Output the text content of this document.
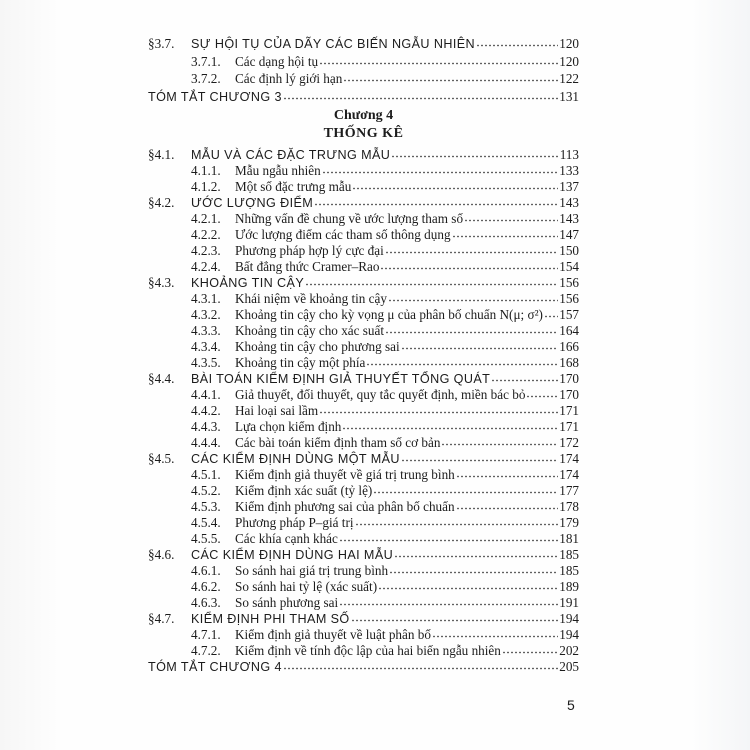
§3.7.	SỰ HỘI TỤ CỦA DÃY CÁC BIẾN NGẪU NHIÊN	120
3.7.1.	Các dạng hội tụ	120
3.7.2.	Các định lý giới hạn	122
TÓM TẮT CHƯƠNG 3	131
Chương 4
THỐNG KÊ
§4.1.	MẪU VÀ CÁC ĐẶC TRƯNG MẪU	113
4.1.1.	Mẫu ngẫu nhiên	133
4.1.2.	Một số đặc trưng mẫu	137
§4.2.	ƯỚC LƯỢNG ĐIỂM	143
4.2.1.	Những vấn đề chung về ước lượng tham số	143
4.2.2.	Ước lượng điểm các tham số thông dụng	147
4.2.3.	Phương pháp hợp lý cực đại	150
4.2.4.	Bất đẳng thức Cramer–Rao	154
§4.3.	KHOẢNG TIN CẬY	156
4.3.1.	Khái niệm về khoảng tin cậy	156
4.3.2.	Khoảng tin cậy cho kỳ vọng μ của phân bố chuẩn N(μ; σ²) 157
4.3.3.	Khoảng tin cậy cho xác suất	164
4.3.4.	Khoảng tin cậy cho phương sai	166
4.3.5.	Khoảng tin cậy một phía	168
§4.4.	BÀI TOÁN KIỂM ĐỊNH GIẢ THUYẾT TỔNG QUÁT	170
4.4.1.	Giả thuyết, đối thuyết, quy tắc quyết định, miền bác bỏ	170
4.4.2.	Hai loại sai lầm	171
4.4.3.	Lựa chọn kiểm định	171
4.4.4.	Các bài toán kiểm định tham số cơ bản	172
§4.5.	CÁC KIỂM ĐỊNH DÙNG MỘT MẪU	174
4.5.1.	Kiểm định giả thuyết về giá trị trung bình	174
4.5.2.	Kiểm định xác suất (tỷ lệ)	177
4.5.3.	Kiểm định phương sai của phân bố chuẩn	178
4.5.4.	Phương pháp P–giá trị	179
4.5.5.	Các khía cạnh khác	181
§4.6.	CÁC KIỂM ĐỊNH DÙNG HAI MẪU	185
4.6.1.	So sánh hai giá trị trung bình	185
4.6.2.	So sánh hai tỷ lệ (xác suất)	189
4.6.3.	So sánh phương sai	191
§4.7.	KIỂM ĐỊNH PHI THAM SỐ	194
4.7.1.	Kiểm định giả thuyết về luật phân bố	194
4.7.2.	Kiểm định về tính độc lập của hai biến ngẫu nhiên	202
TÓM TẮT CHƯƠNG 4	205
5
